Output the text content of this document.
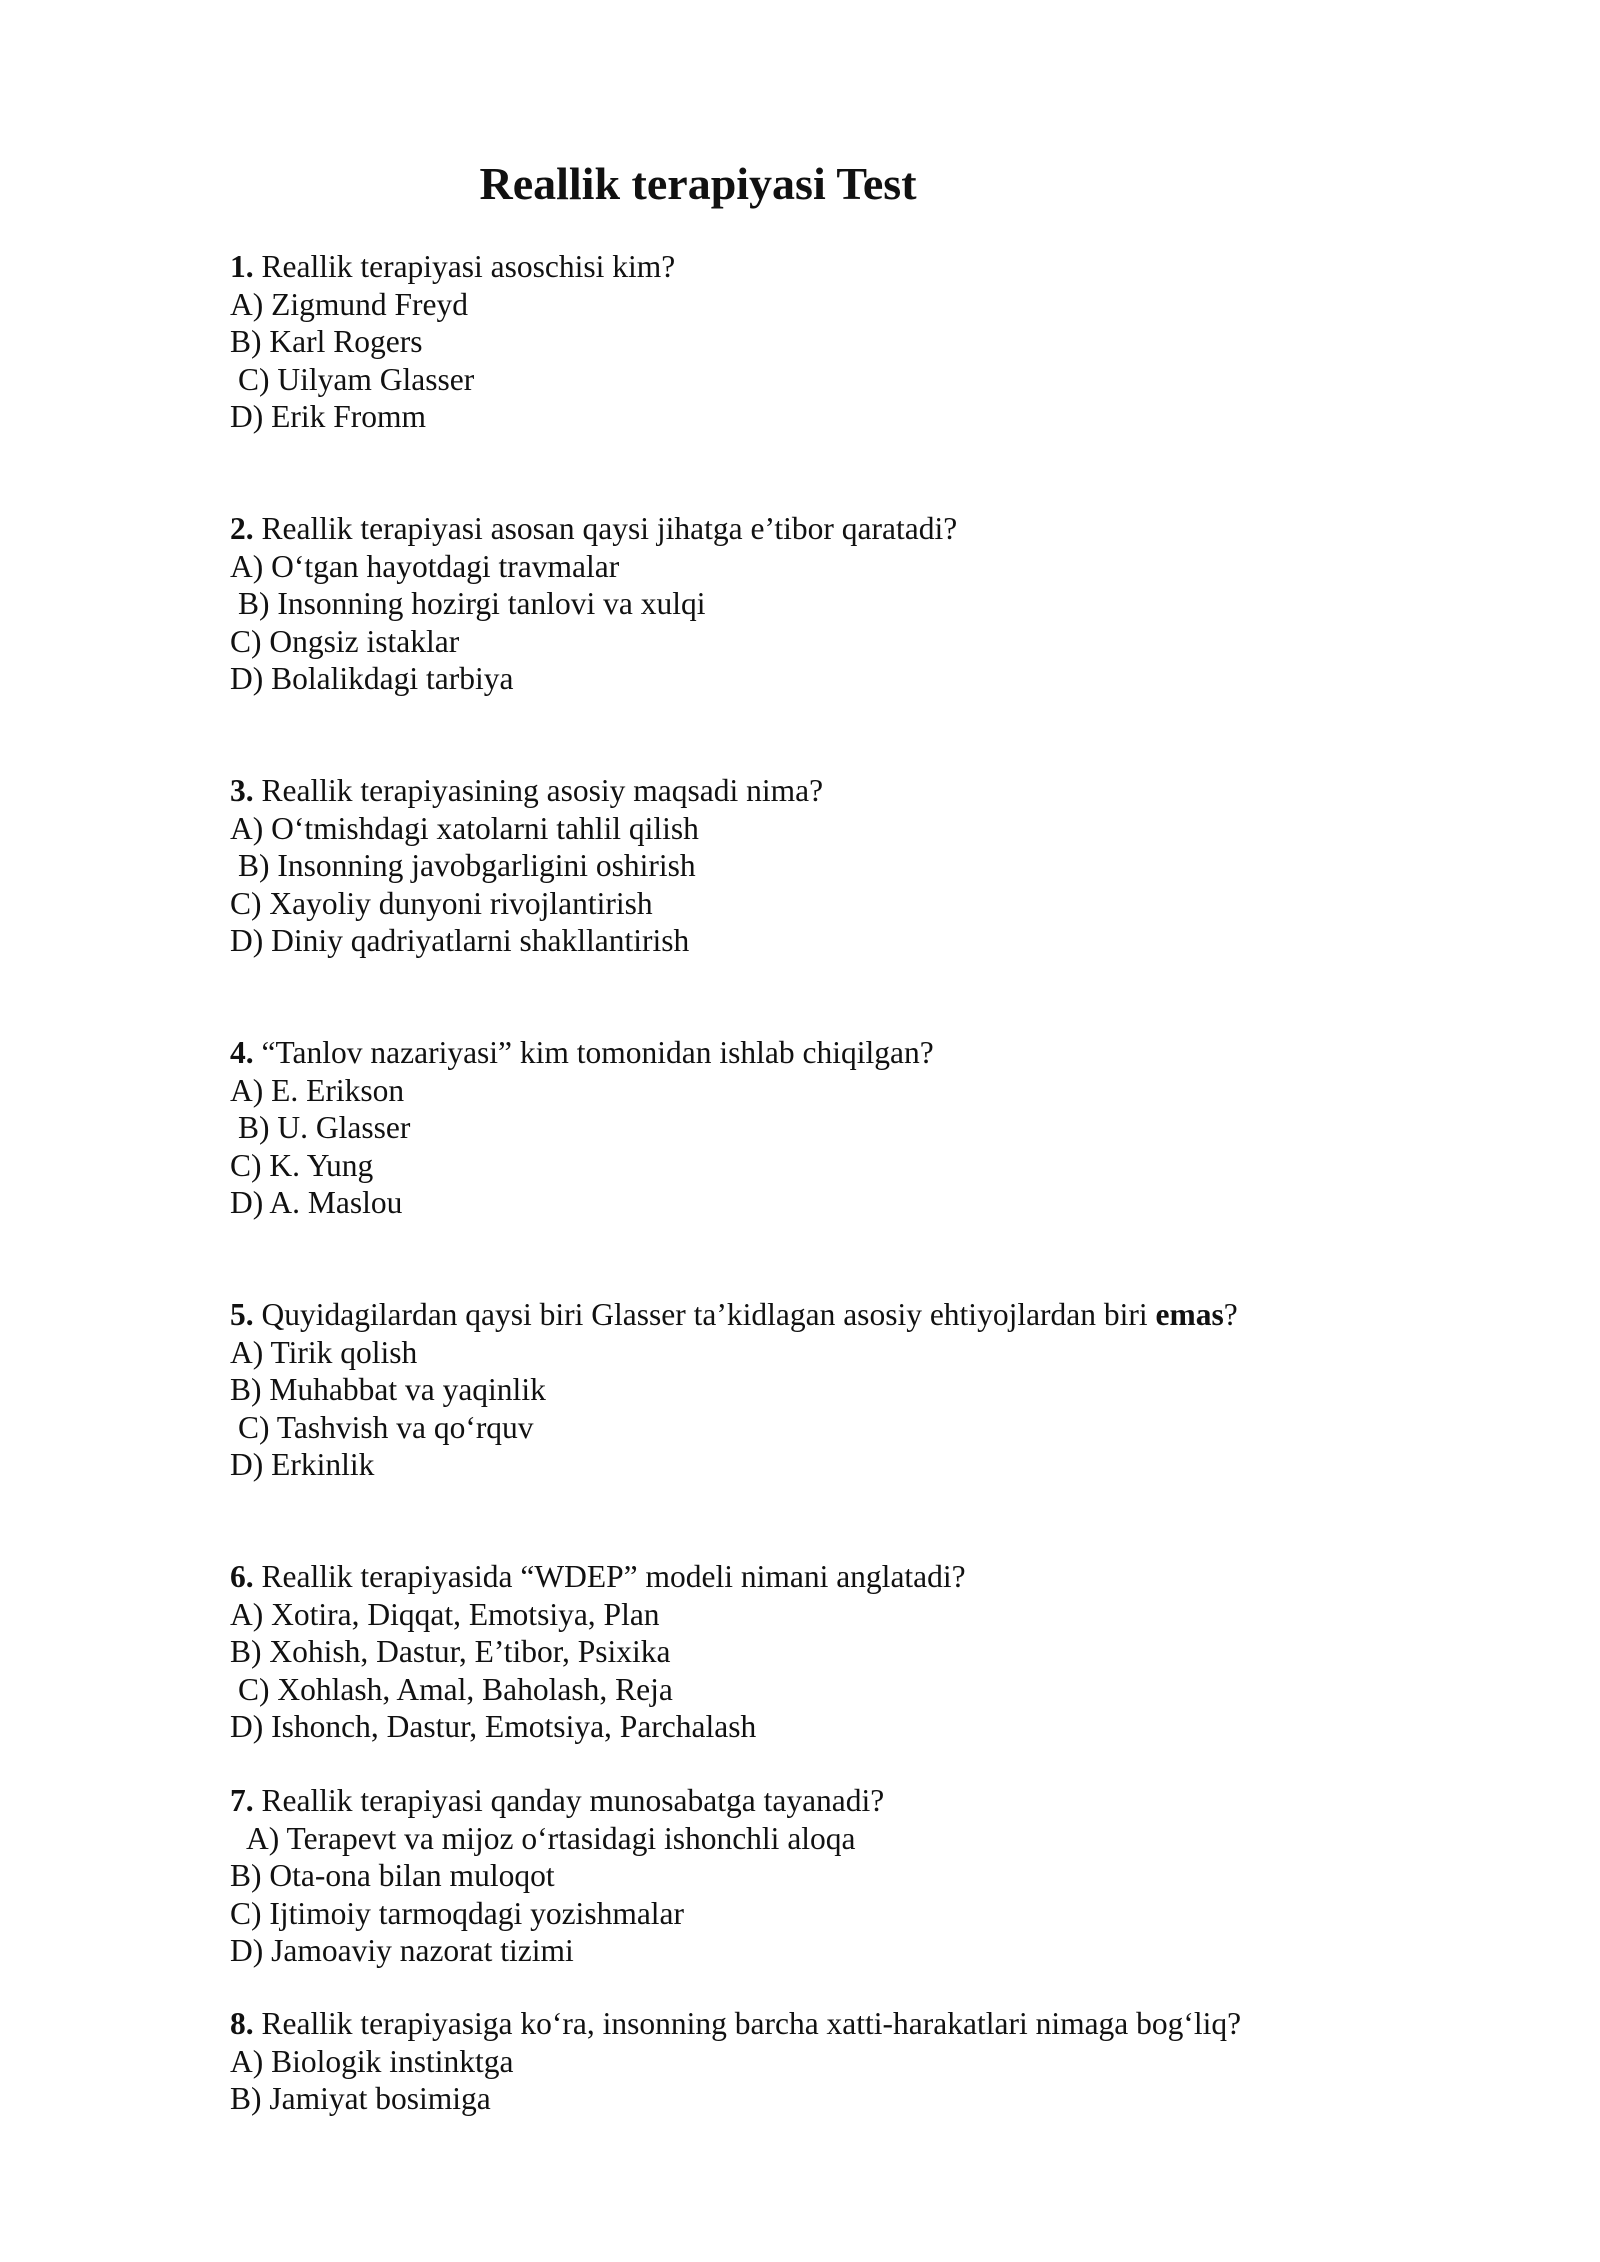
Reallik terapiyasi Test
1. Reallik terapiyasi asoschisi kim?
A) Zigmund Freyd
B) Karl Rogers
C) Uilyam Glasser
D) Erik Fromm
2. Reallik terapiyasi asosan qaysi jihatga e’tibor qaratadi?
A) O‘tgan hayotdagi travmalar
B) Insonning hozirgi tanlovi va xulqi
C) Ongsiz istaklar
D) Bolalikdagi tarbiya
3. Reallik terapiyasining asosiy maqsadi nima?
A) O‘tmishdagi xatolarni tahlil qilish
B) Insonning javobgarligini oshirish
C) Xayoliy dunyoni rivojlantirish
D) Diniy qadriyatlarni shakllantirish
4. “Tanlov nazariyasi” kim tomonidan ishlab chiqilgan?
A) E. Erikson
B) U. Glasser
C) K. Yung
D) A. Maslou
5. Quyidagilardan qaysi biri Glasser ta’kidlagan asosiy ehtiyojlardan biri emas?
A) Tirik qolish
B) Muhabbat va yaqinlik
C) Tashvish va qo‘rquv
D) Erkinlik
6. Reallik terapiyasida “WDEP” modeli nimani anglatadi?
A) Xotira, Diqqat, Emotsiya, Plan
B) Xohish, Dastur, E’tibor, Psixika
C) Xohlash, Amal, Baholash, Reja
D) Ishonch, Dastur, Emotsiya, Parchalash
7. Reallik terapiyasi qanday munosabatga tayanadi?
A) Terapevt va mijoz o‘rtasidagi ishonchli aloqa
B) Ota-ona bilan muloqot
C) Ijtimoiy tarmoqdagi yozishmalar
D) Jamoaviy nazorat tizimi
8. Reallik terapiyasiga ko‘ra, insonning barcha xatti-harakatlari nimaga bog‘liq?
A) Biologik instinktga
B) Jamiyat bosimiga
